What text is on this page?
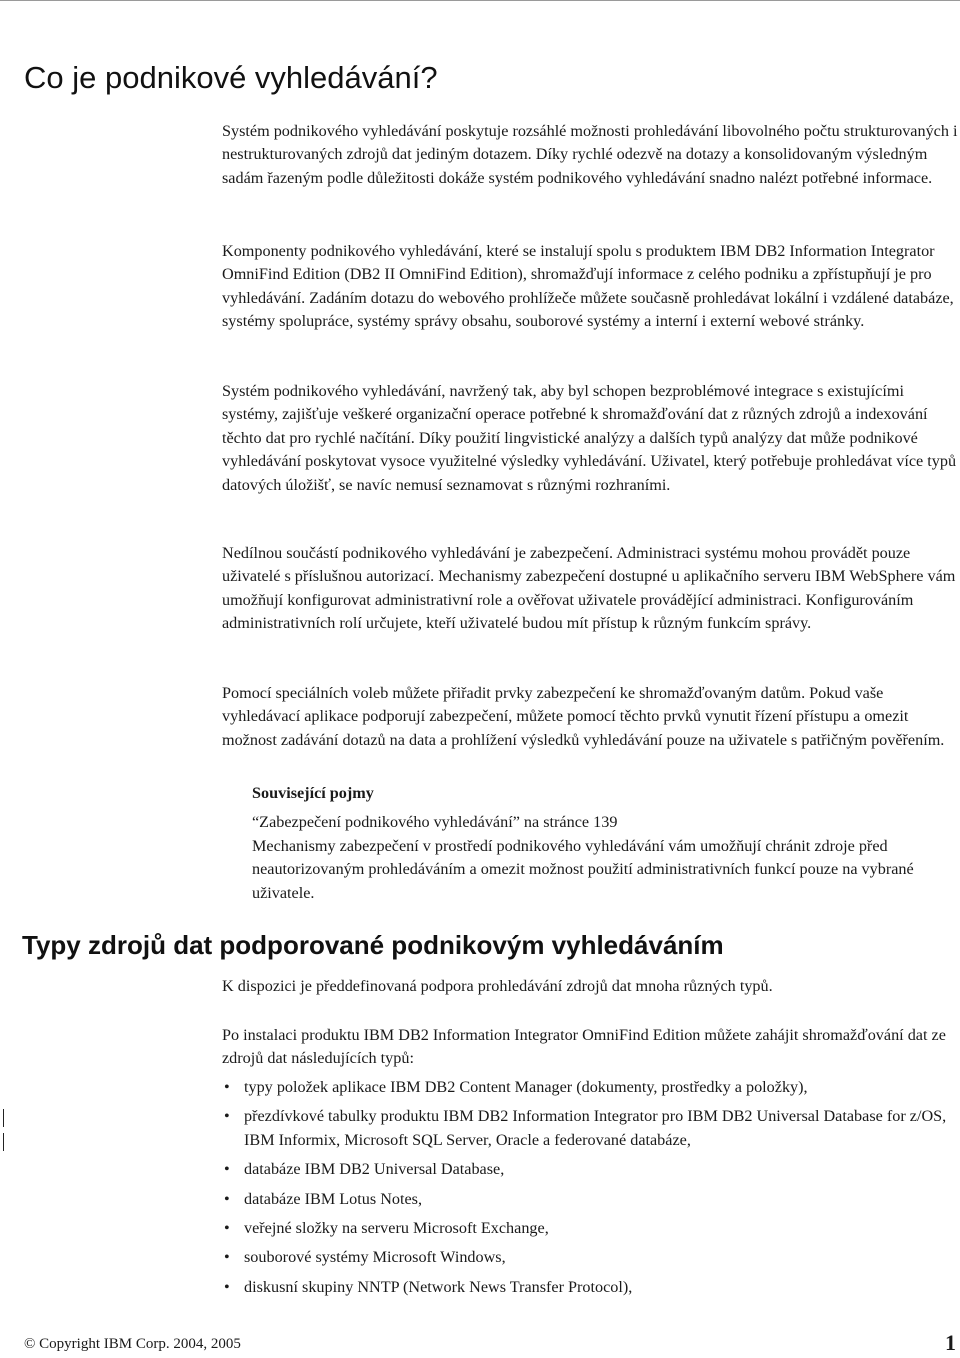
Co je podnikové vyhledávání?

Systém podnikového vyhledávání poskytuje rozsáhlé možnosti prohledávání libovolného počtu strukturovaných i nestrukturovaných zdrojů dat jediným dotazem. Díky rychlé odezvě na dotazy a konsolidovaným výsledným sadám řazeným podle důležitosti dokáže systém podnikového vyhledávání snadno nalézt potřebné informace.

Komponenty podnikového vyhledávání, které se instalují spolu s produktem IBM DB2 Information Integrator OmniFind Edition (DB2 II OmniFind Edition), shromažďují informace z celého podniku a zpřístupňují je pro vyhledávání. Zadáním dotazu do webového prohlížeče můžete současně prohledávat lokální i vzdálené databáze, systémy spolupráce, systémy správy obsahu, souborové systémy a interní i externí webové stránky.

Systém podnikového vyhledávání, navržený tak, aby byl schopen bezproblémové integrace s existujícími systémy, zajišťuje veškeré organizační operace potřebné k shromažďování dat z různých zdrojů a indexování těchto dat pro rychlé načítání. Díky použití lingvistické analýzy a dalších typů analýzy dat může podnikové vyhledávání poskytovat vysoce využitelné výsledky vyhledávání. Uživatel, který potřebuje prohledávat více typů datových úložišť, se navíc nemusí seznamovat s různými rozhraními.

Nedílnou součástí podnikového vyhledávání je zabezpečení. Administraci systému mohou provádět pouze uživatelé s příslušnou autorizací. Mechanismy zabezpečení dostupné u aplikačního serveru IBM WebSphere vám umožňují konfigurovat administrativní role a ověřovat uživatele provádějící administraci. Konfigurováním administrativních rolí určujete, kteří uživatelé budou mít přístup k různým funkcím správy.

Pomocí speciálních voleb můžete přiřadit prvky zabezpečení ke shromažďovaným datům. Pokud vaše vyhledávací aplikace podporují zabezpečení, můžete pomocí těchto prvků vynutit řízení přístupu a omezit možnost zadávání dotazů na data a prohlížení výsledků vyhledávání pouze na uživatele s patřičným pověřením.

Související pojmy

“Zabezpečení podnikového vyhledávání” na stránce 139

Mechanismy zabezpečení v prostředí podnikového vyhledávání vám umožňují chránit zdroje před neautorizovaným prohledáváním a omezit možnost použití administrativních funkcí pouze na vybrané uživatele.

Typy zdrojů dat podporované podnikovým vyhledáváním

K dispozici je předdefinovaná podpora prohledávání zdrojů dat mnoha různých typů.

Po instalaci produktu IBM DB2 Information Integrator OmniFind Edition můžete zahájit shromažďování dat ze zdrojů dat následujících typů:

• typy položek aplikace IBM DB2 Content Manager (dokumenty, prostředky a položky),
• přezdívkové tabulky produktu IBM DB2 Information Integrator pro IBM DB2 Universal Database for z/OS, IBM Informix, Microsoft SQL Server, Oracle a federované databáze,
• databáze IBM DB2 Universal Database,
• databáze IBM Lotus Notes,
• veřejné složky na serveru Microsoft Exchange,
• souborové systémy Microsoft Windows,
• diskusní skupiny NNTP (Network News Transfer Protocol),
© Copyright IBM Corp. 2004, 2005	1
